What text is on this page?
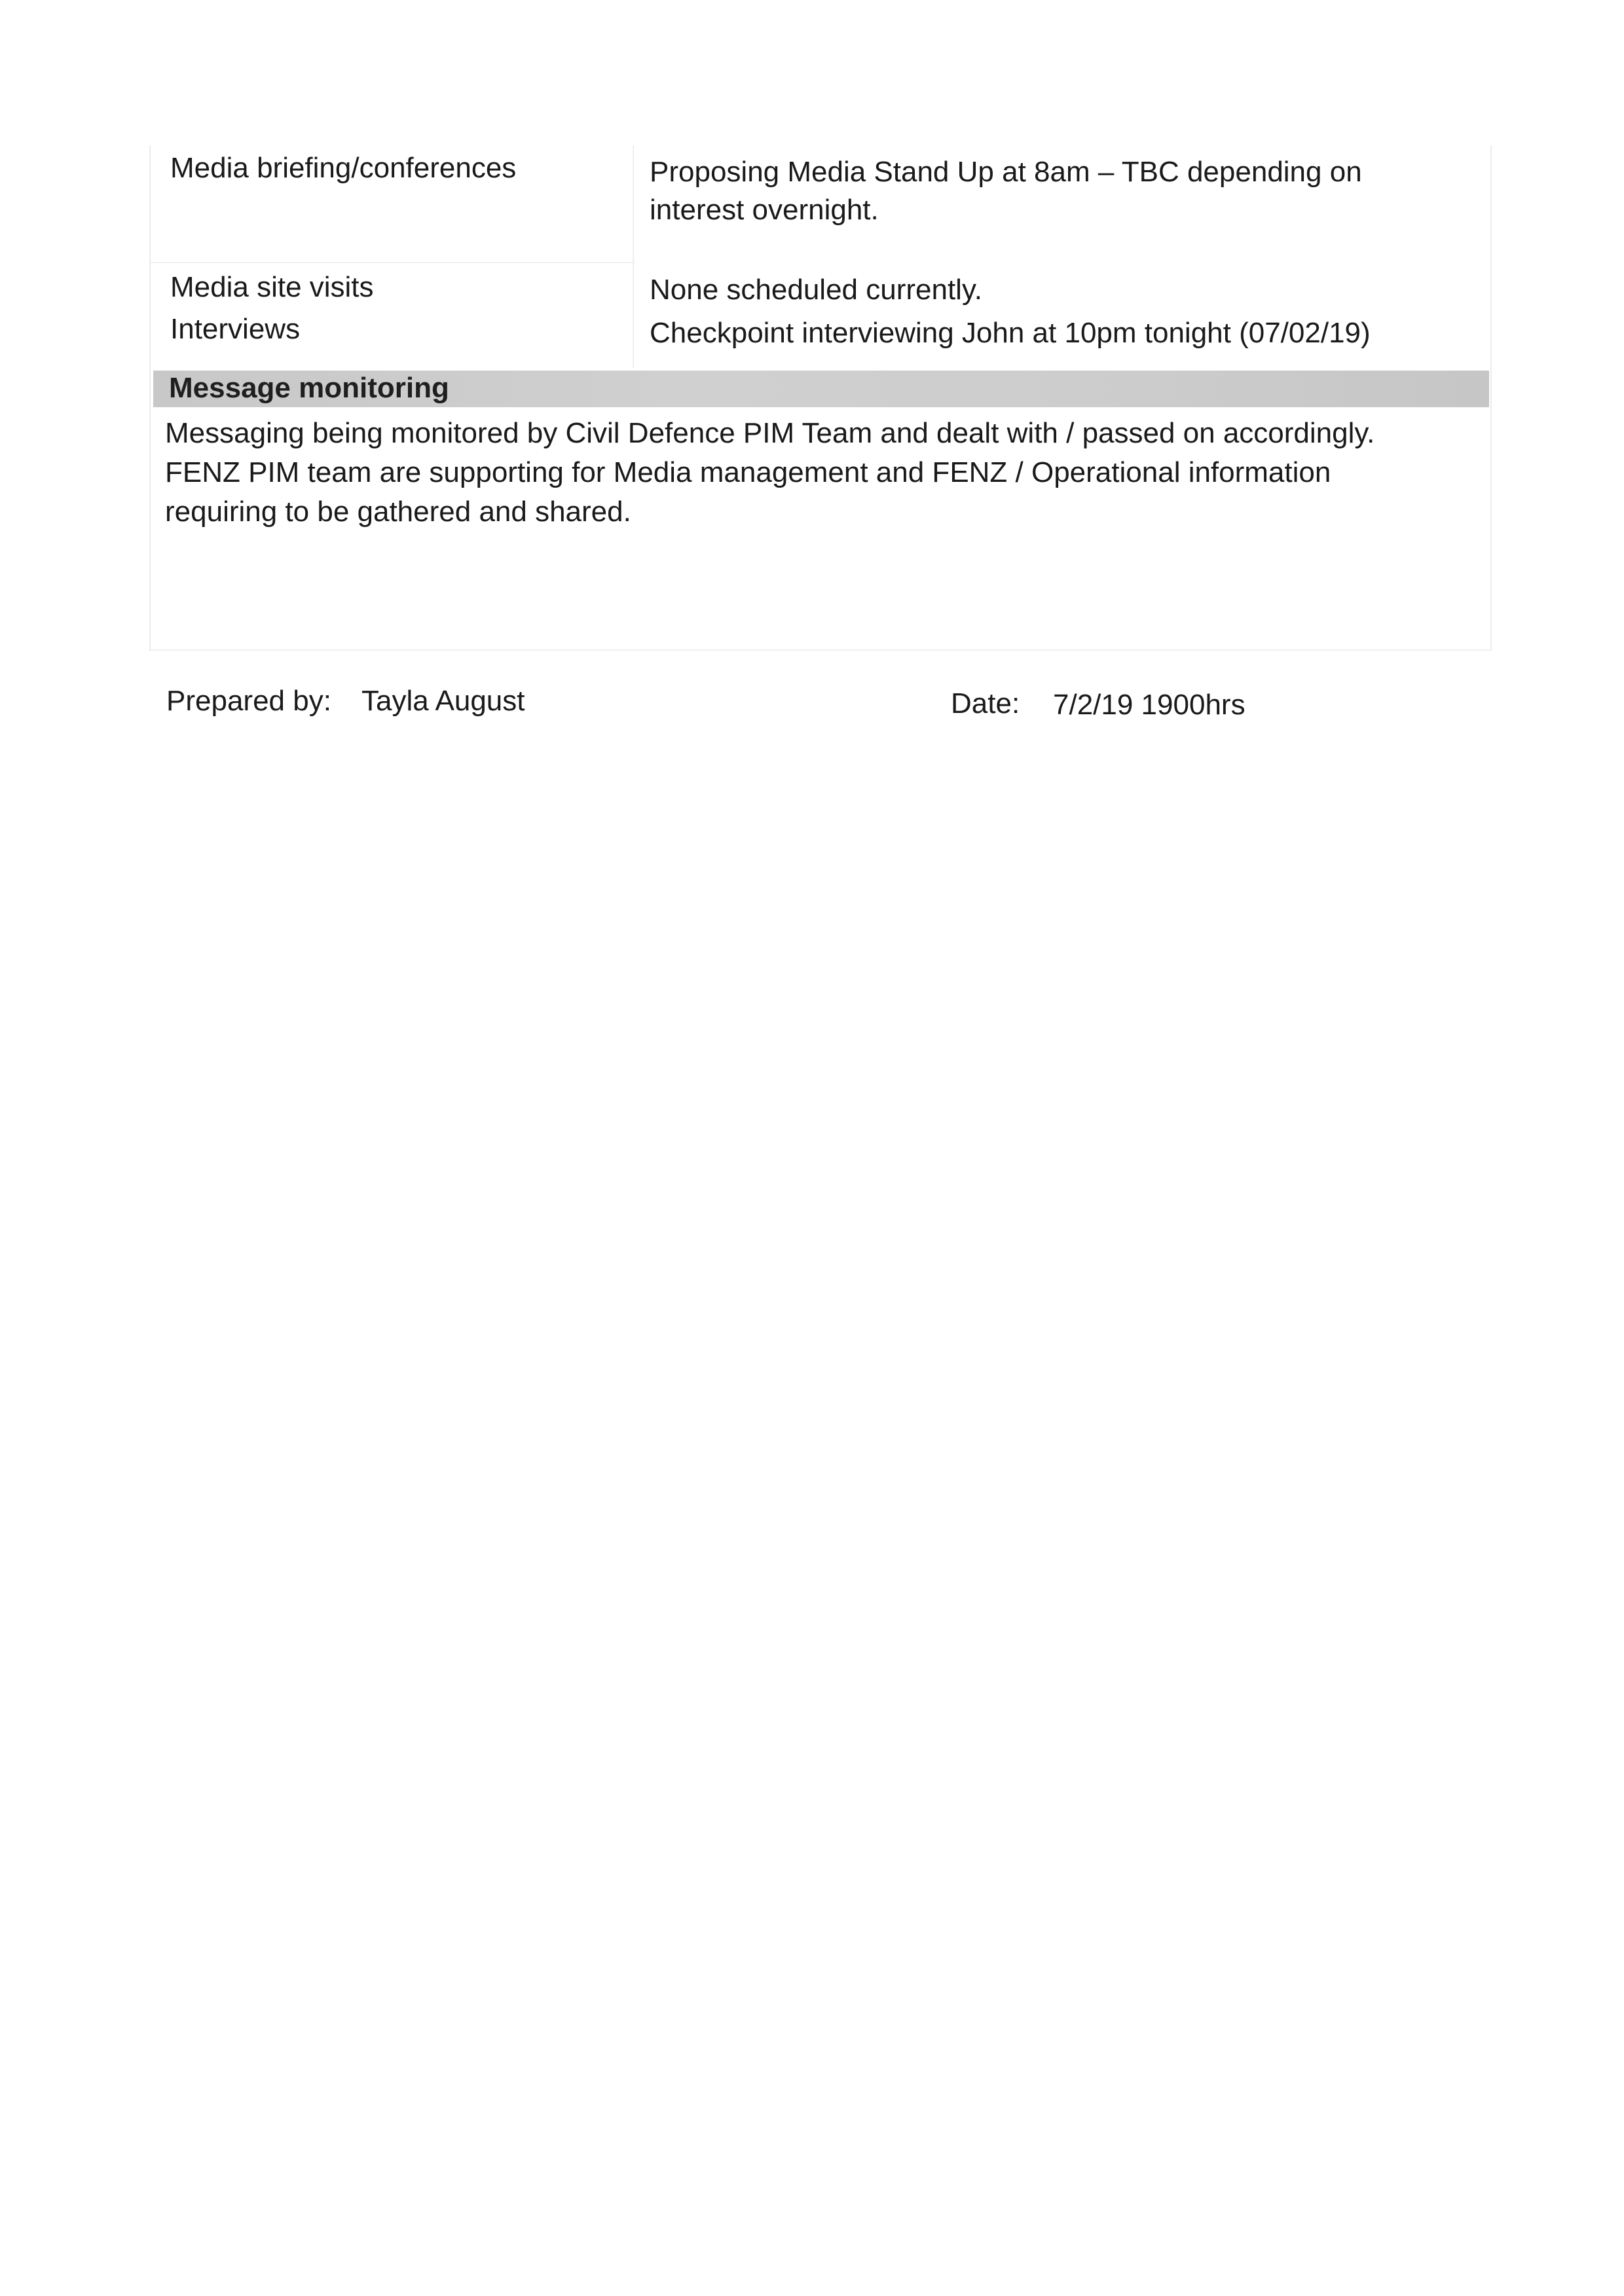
Media briefing/conferences	Proposing Media Stand Up at 8am – TBC depending on
interest overnight.
Media site visits	None scheduled currently.
Interviews	Checkpoint interviewing John at 10pm tonight (07/02/19)
Message monitoring
Messaging being monitored by Civil Defence PIM Team and dealt with / passed on accordingly.
FENZ PIM team are supporting for Media management and FENZ / Operational information
requiring to be gathered and shared.
Prepared by: Tayla August	Date: 7/2/19 1900hrs
